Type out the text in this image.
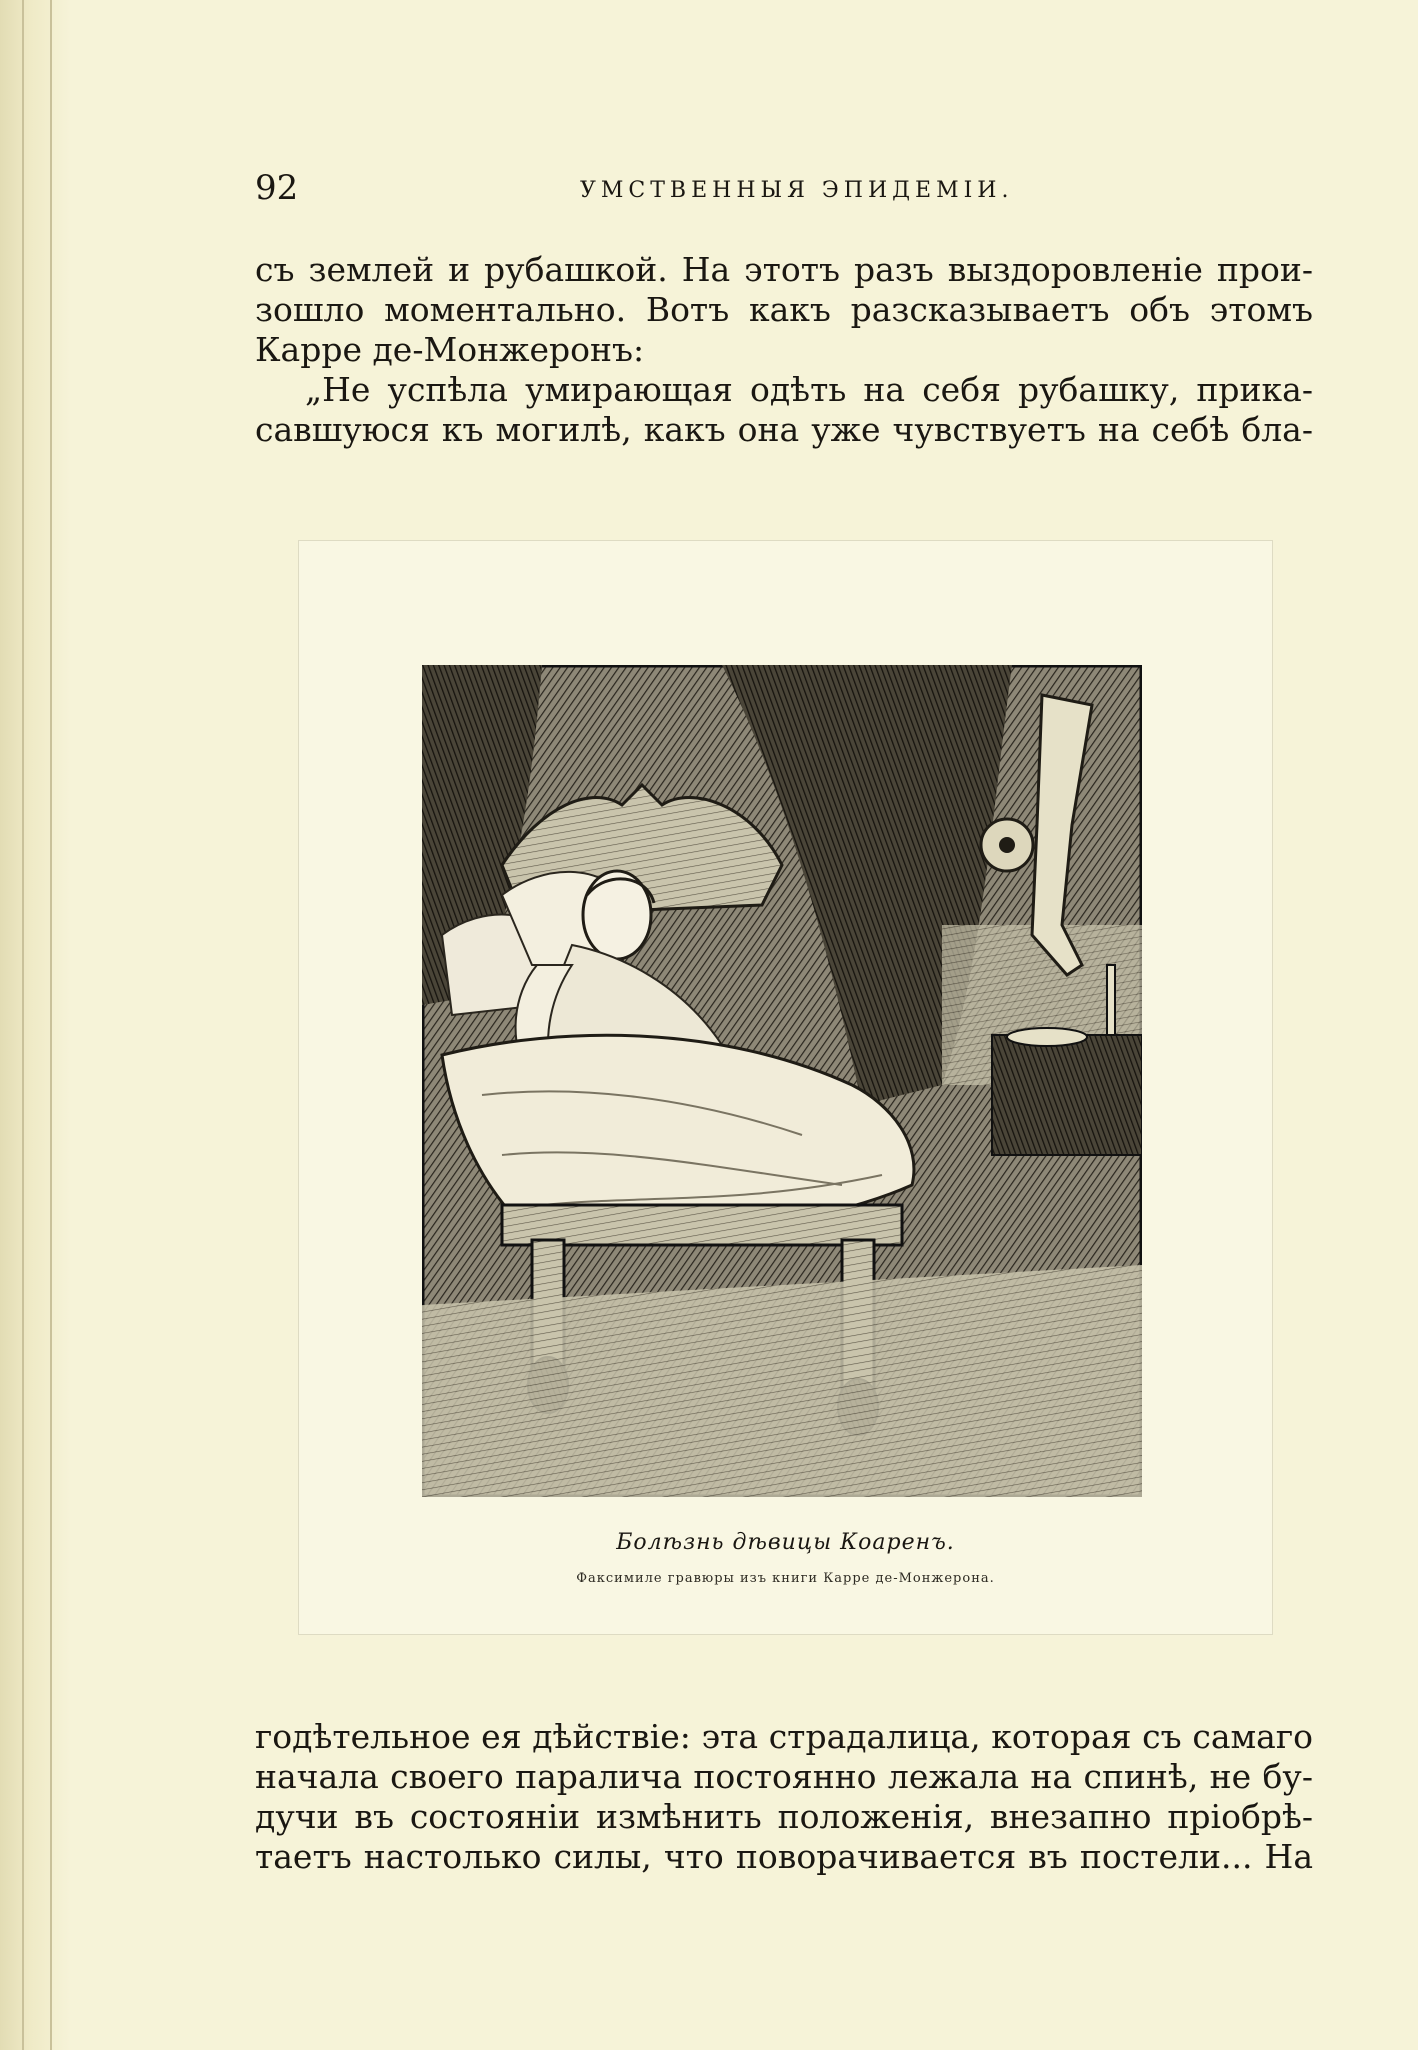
92	УМСТВЕННЫЯ ЭПИДЕМIИ.

съ землей и рубашкой. На этотъ разъ выздоровленiе прои-
зошло моментально. Вотъ какъ разсказываетъ объ этомъ
Карре де-Монжеронъ:
„Не успѣла умирающая одѣть на себя рубашку, прика-
савшуюся къ могилѣ, какъ она уже чувствуетъ на себѣ бла-

Болѣзнь дѣвицы Коаренъ.
Факсимиле гравюры изъ книги Карре де-Монжерона.

годѣтельное ея дѣйствiе: эта страдалица, которая съ самаго
начала своего паралича постоянно лежала на спинѣ, не бу-
дучи въ состоянiи измѣнить положенiя, внезапно прiобрѣ-
таетъ настолько силы, что поворачивается въ постели... На
